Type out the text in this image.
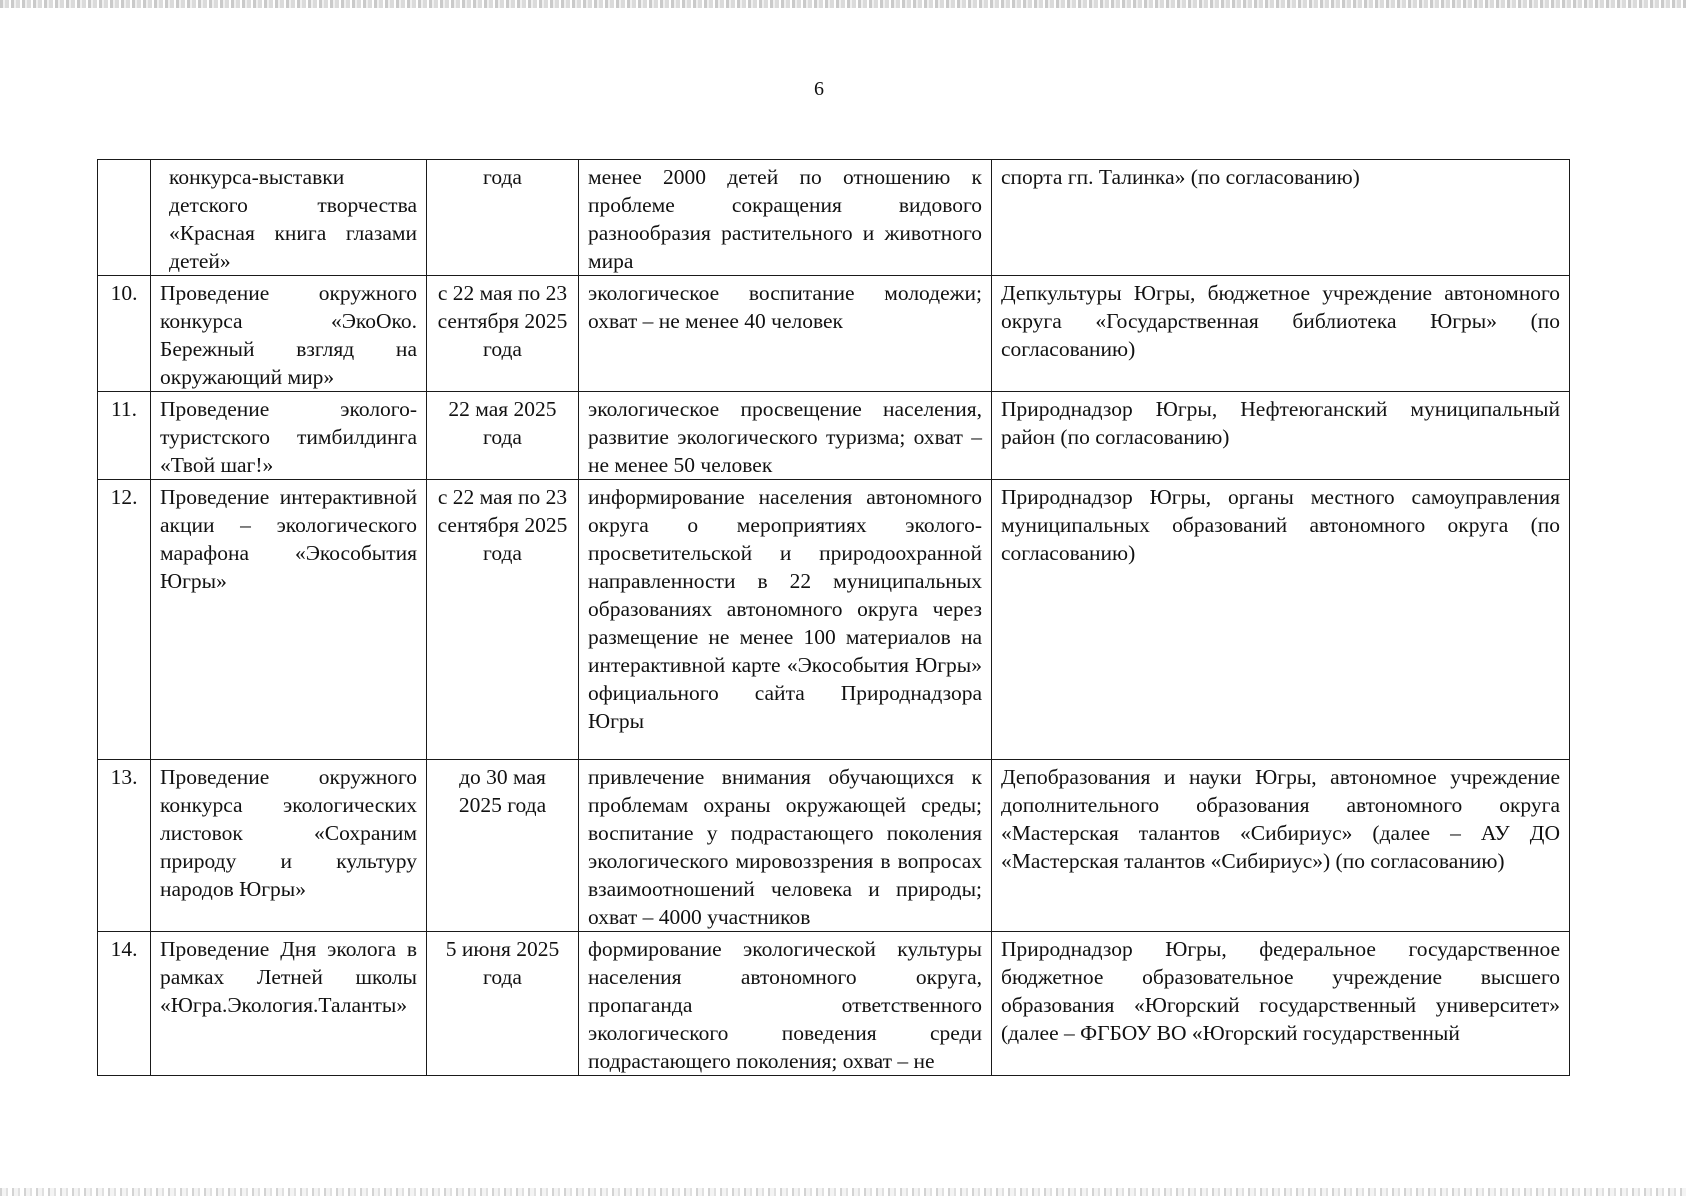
6
	конкурса-выставки детского творчества «Красная книга глазами детей»	года	менее 2000 детей по отношению к проблеме сокращения видового разнообразия растительного и животного мира	спорта гп. Талинка» (по согласованию)
10.	Проведение окружного конкурса «ЭкоОко. Бережный взгляд на окружающий мир»	с 22 мая по 23 сентября 2025 года	экологическое воспитание молодежи; охват – не менее 40 человек	Депкультуры Югры, бюджетное учреждение автономного округа «Государственная библиотека Югры» (по согласованию)
11.	Проведение эколого-туристского тимбилдинга «Твой шаг!»	22 мая 2025 года	экологическое просвещение населения, развитие экологического туризма; охват – не менее 50 человек	Природнадзор Югры, Нефтеюганский муниципальный район (по согласованию)
12.	Проведение интерактивной акции – экологического марафона «Экособытия Югры»	с 22 мая по 23 сентября 2025 года	информирование населения автономного округа о мероприятиях эколого-просветительской и природоохранной направленности в 22 муниципальных образованиях автономного округа через размещение не менее 100 материалов на интерактивной карте «Экособытия Югры» официального сайта Природнадзора Югры	Природнадзор Югры, органы местного самоуправления муниципальных образований автономного округа (по согласованию)
13.	Проведение окружного конкурса экологических листовок «Сохраним природу и культуру народов Югры»	до 30 мая 2025 года	привлечение внимания обучающихся к проблемам охраны окружающей среды; воспитание у подрастающего поколения экологического мировоззрения в вопросах взаимоотношений человека и природы; охват – 4000 участников	Депобразования и науки Югры, автономное учреждение дополнительного образования автономного округа «Мастерская талантов «Сибириус» (далее – АУ ДО «Мастерская талантов «Сибириус») (по согласованию)
14.	Проведение Дня эколога в рамках Летней школы «Югра.Экология.Таланты»	5 июня 2025 года	формирование экологической культуры населения автономного округа, пропаганда ответственного экологического поведения среди подрастающего поколения; охват – не	Природнадзор Югры, федеральное государственное бюджетное образовательное учреждение высшего образования «Югорский государственный университет» (далее – ФГБОУ ВО «Югорский государственный
